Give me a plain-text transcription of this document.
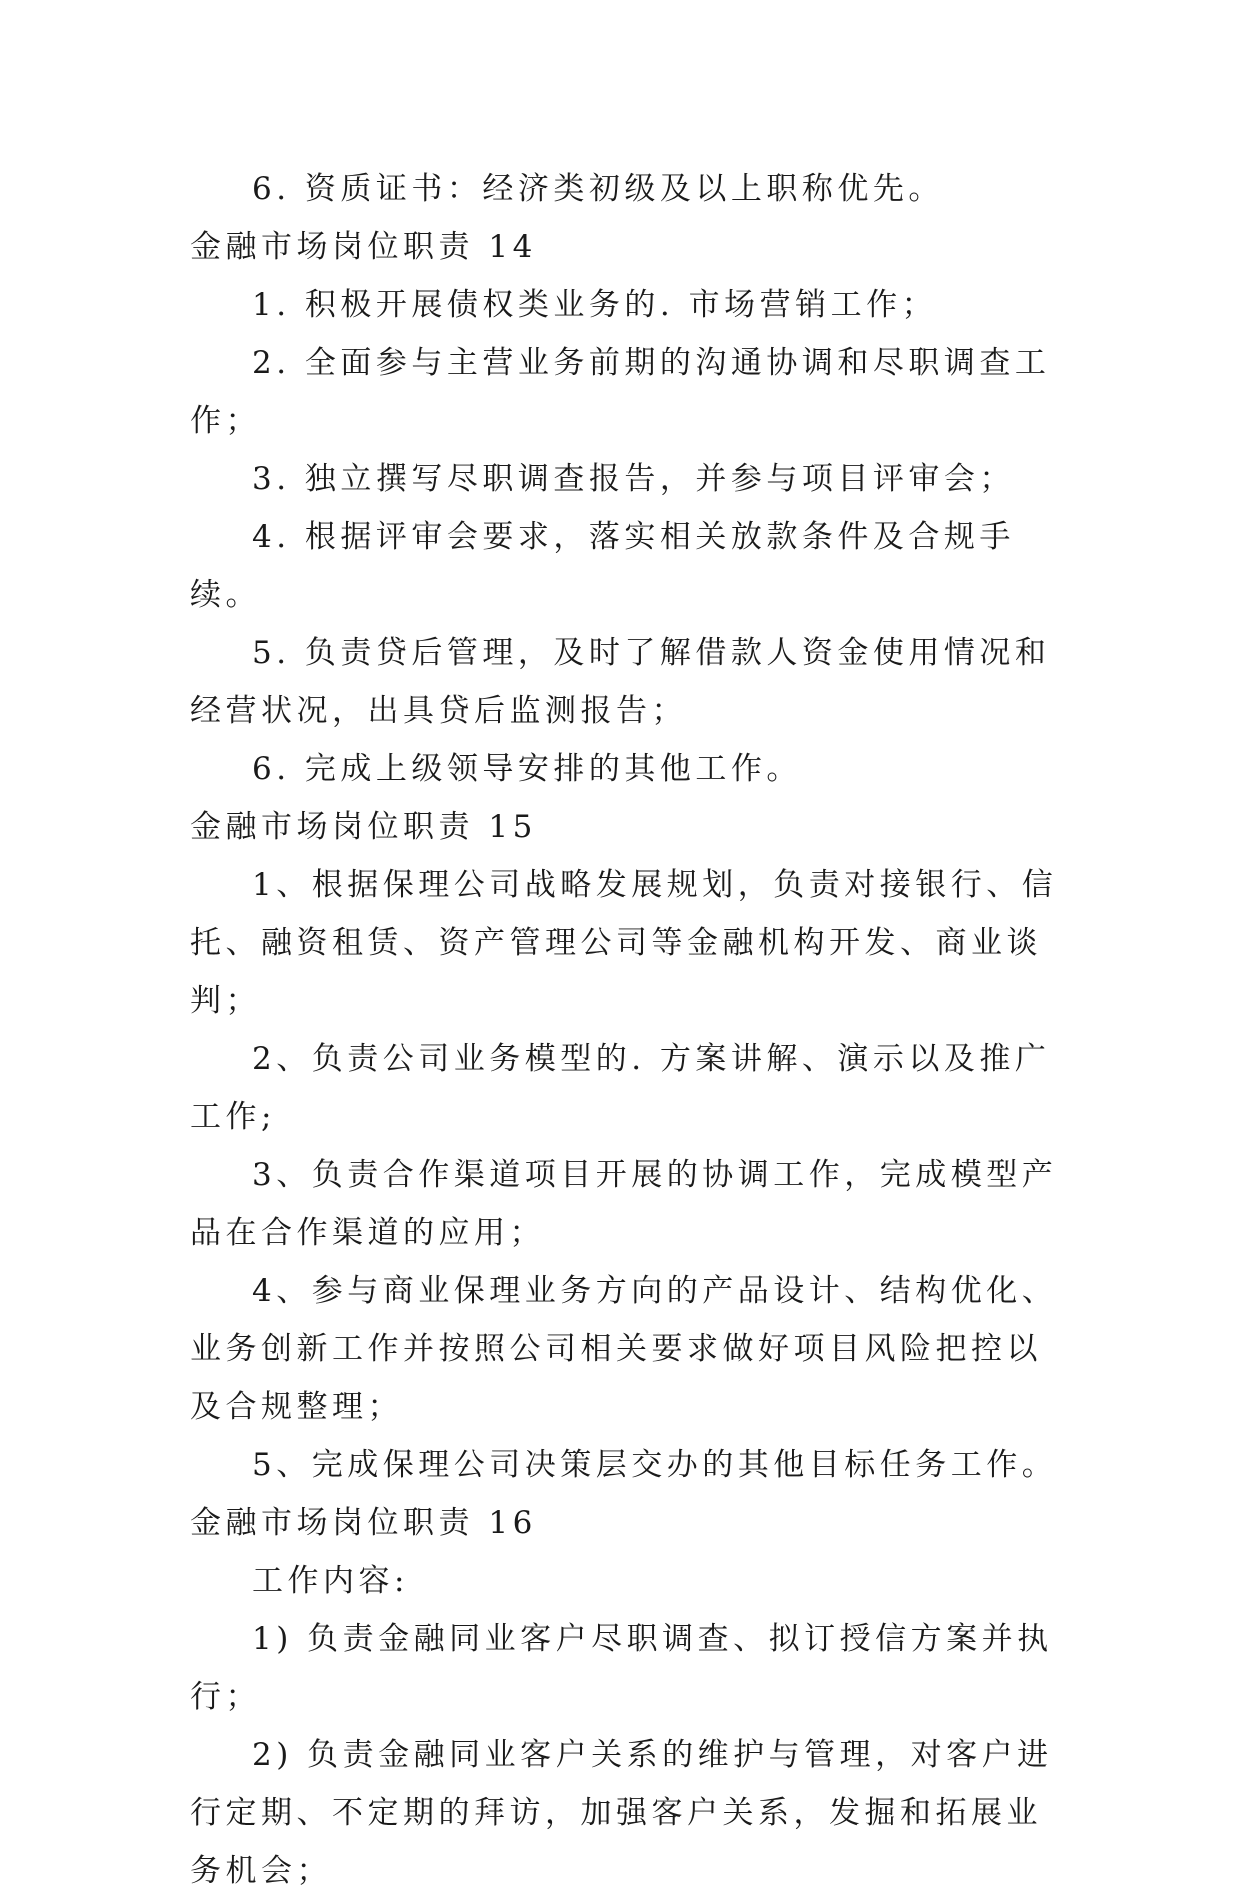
6. 资质证书：经济类初级及以上职称优先。

金融市场岗位职责 14

1. 积极开展债权类业务的. 市场营销工作；

2. 全面参与主营业务前期的沟通协调和尽职调查工作；

3. 独立撰写尽职调查报告，并参与项目评审会；

4. 根据评审会要求，落实相关放款条件及合规手续。

5. 负责贷后管理，及时了解借款人资金使用情况和经营状况，出具贷后监测报告；

6. 完成上级领导安排的其他工作。

金融市场岗位职责 15

1、根据保理公司战略发展规划，负责对接银行、信托、融资租赁、资产管理公司等金融机构开发、商业谈判；

2、负责公司业务模型的. 方案讲解、演示以及推广工作;

3、负责合作渠道项目开展的协调工作，完成模型产品在合作渠道的应用；

4、参与商业保理业务方向的产品设计、结构优化、业务创新工作并按照公司相关要求做好项目风险把控以及合规整理；

5、完成保理公司决策层交办的其他目标任务工作。

金融市场岗位职责 16

工作内容:

1) 负责金融同业客户尽职调查、拟订授信方案并执行；

2) 负责金融同业客户关系的维护与管理，对客户进行定期、不定期的拜访，加强客户关系，发掘和拓展业务机会；
